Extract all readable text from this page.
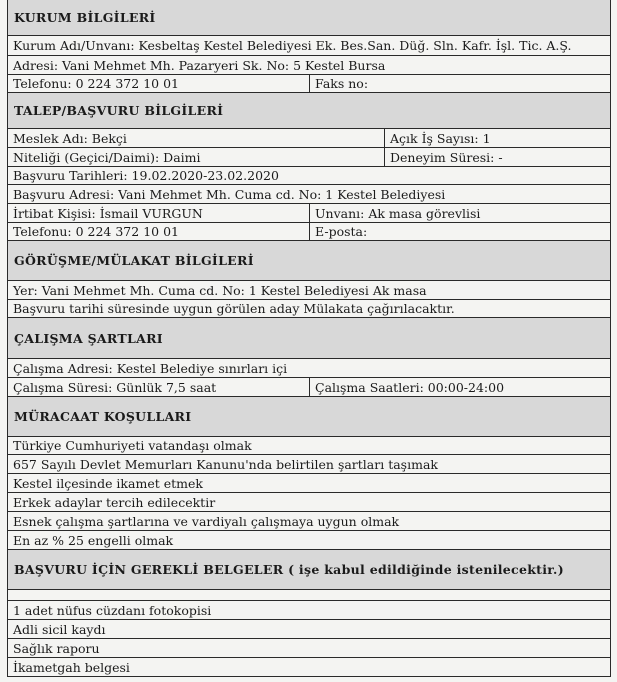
KURUM BİLGİLERİ
Kurum Adı/Unvanı: Kesbeltaş Kestel Belediyesi Ek. Bes.San. Düğ. Sln. Kafr. İşl. Tic. A.Ş.
Adresi: Vani Mehmet Mh. Pazaryeri Sk. No: 5 Kestel Bursa
Telefonu: 0 224 372 10 01	Faks no:
TALEP/BAŞVURU BİLGİLERİ
Meslek Adı: Bekçi	Açık İş Sayısı: 1
Niteliği (Geçici/Daimi): Daimi	Deneyim Süresi: -
Başvuru Tarihleri: 19.02.2020-23.02.2020
Başvuru Adresi: Vani Mehmet Mh. Cuma cd. No: 1 Kestel Belediyesi
İrtibat Kişisi: İsmail VURGUN	Unvanı: Ak masa görevlisi
Telefonu: 0 224 372 10 01	E-posta:
GÖRÜŞME/MÜLAKAT BİLGİLERİ
Yer: Vani Mehmet Mh. Cuma cd. No: 1 Kestel Belediyesi Ak masa
Başvuru tarihi süresinde uygun görülen aday Mülakata çağırılacaktır.
ÇALIŞMA ŞARTLARI
Çalışma Adresi: Kestel Belediye sınırları içi
Çalışma Süresi: Günlük 7,5 saat	Çalışma Saatleri: 00:00-24:00
MÜRACAAT KOŞULLARI
Türkiye Cumhuriyeti vatandaşı olmak
657 Sayılı Devlet Memurları Kanunu'nda belirtilen şartları taşımak
Kestel ilçesinde ikamet etmek
Erkek adaylar tercih edilecektir
Esnek çalışma şartlarına ve vardiyalı çalışmaya uygun olmak
En az % 25 engelli olmak
BAŞVURU İÇİN GEREKLİ BELGELER ( işe kabul edildiğinde istenilecektir.)
1 adet nüfus cüzdanı fotokopisi
Adli sicil kaydı
Sağlık raporu
İkametgah belgesi
